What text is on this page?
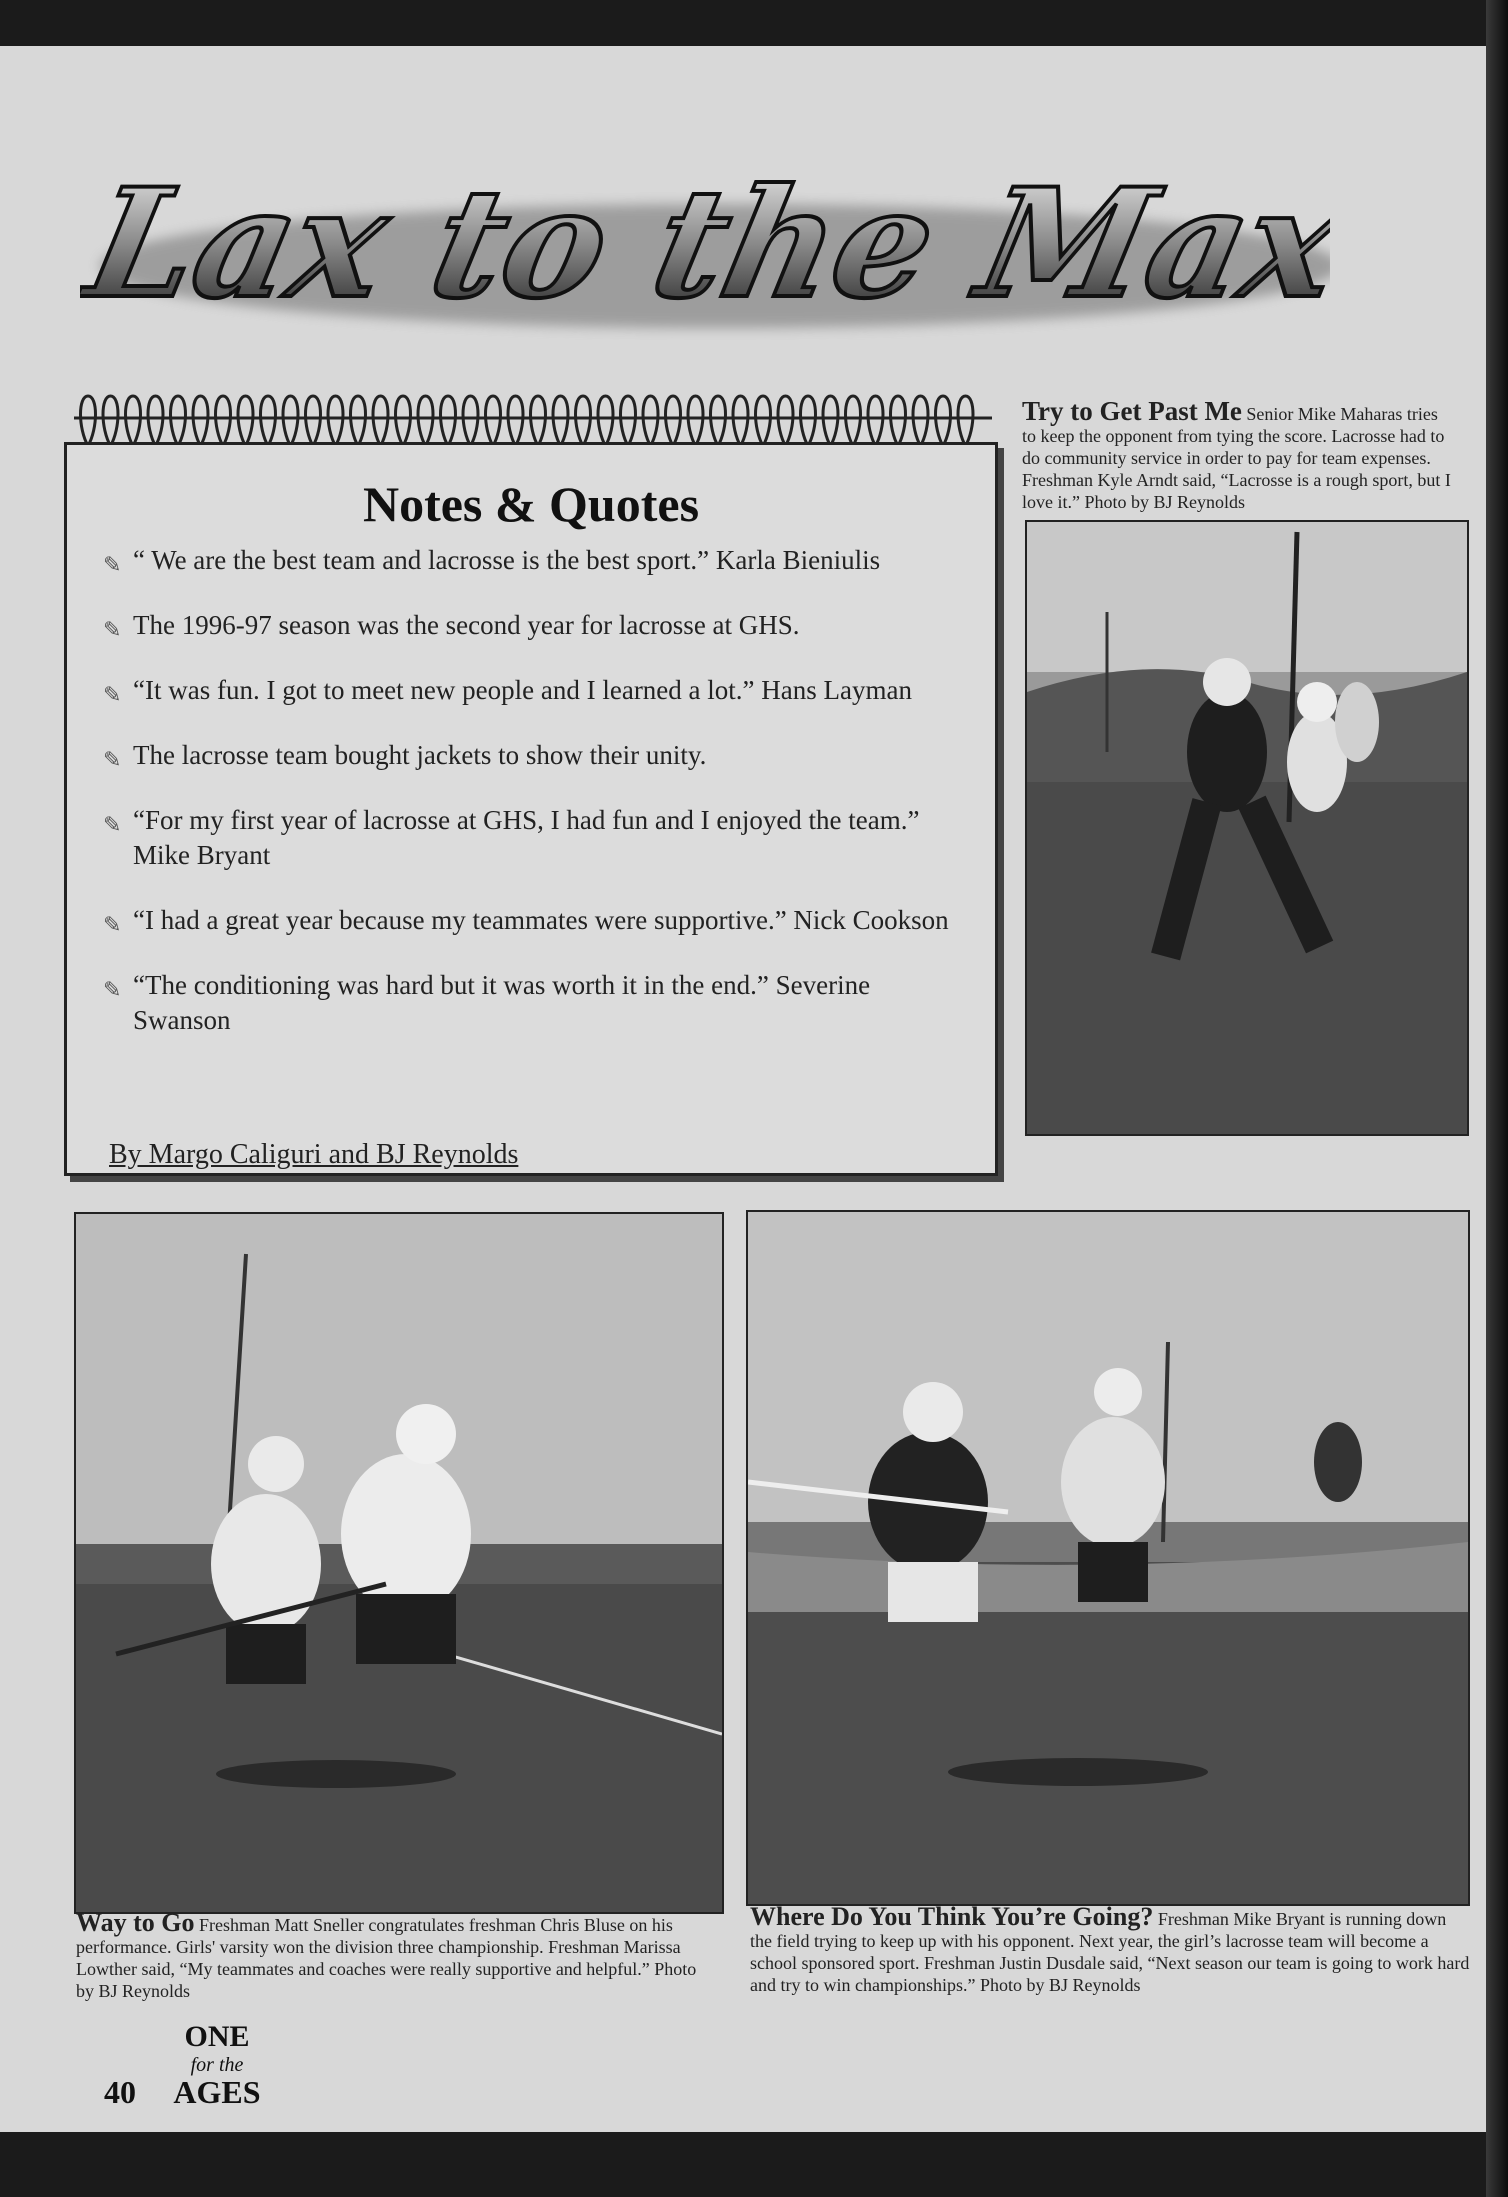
Lax to the Max
Notes & Quotes
✎ “ We are the best team and lacrosse is the best sport.” Karla Bieniulis
✎ The 1996-97 season was the second year for lacrosse at GHS.
✎ “It was fun. I got to meet new people and I learned a lot.” Hans Layman
✎ The lacrosse team bought jackets to show their unity.
✎ “For my first year of lacrosse at GHS, I had fun and I enjoyed the team.” Mike Bryant
✎ “I had a great year because my teammates were supportive.” Nick Cookson
✎ “The conditioning was hard but it was worth it in the end.” Severine Swanson
By Margo Caliguri and BJ Reynolds
Try to Get Past Me Senior Mike Maharas tries to keep the opponent from tying the score. Lacrosse had to do community service in order to pay for team expenses. Freshman Kyle Arndt said, “Lacrosse is a rough sport, but I love it.” Photo by BJ Reynolds
Way to Go Freshman Matt Sneller congratulates freshman Chris Bluse on his performance. Girls' varsity won the division three championship. Freshman Marissa Lowther said, “My teammates and coaches were really supportive and helpful.” Photo by BJ Reynolds
Where Do You Think You’re Going? Freshman Mike Bryant is running down the field trying to keep up with his opponent. Next year, the girl’s lacrosse team will become a school sponsored sport. Freshman Justin Dusdale said, “Next season our team is going to work hard and try to win championships.” Photo by BJ Reynolds
40
ONE
for the
AGES
